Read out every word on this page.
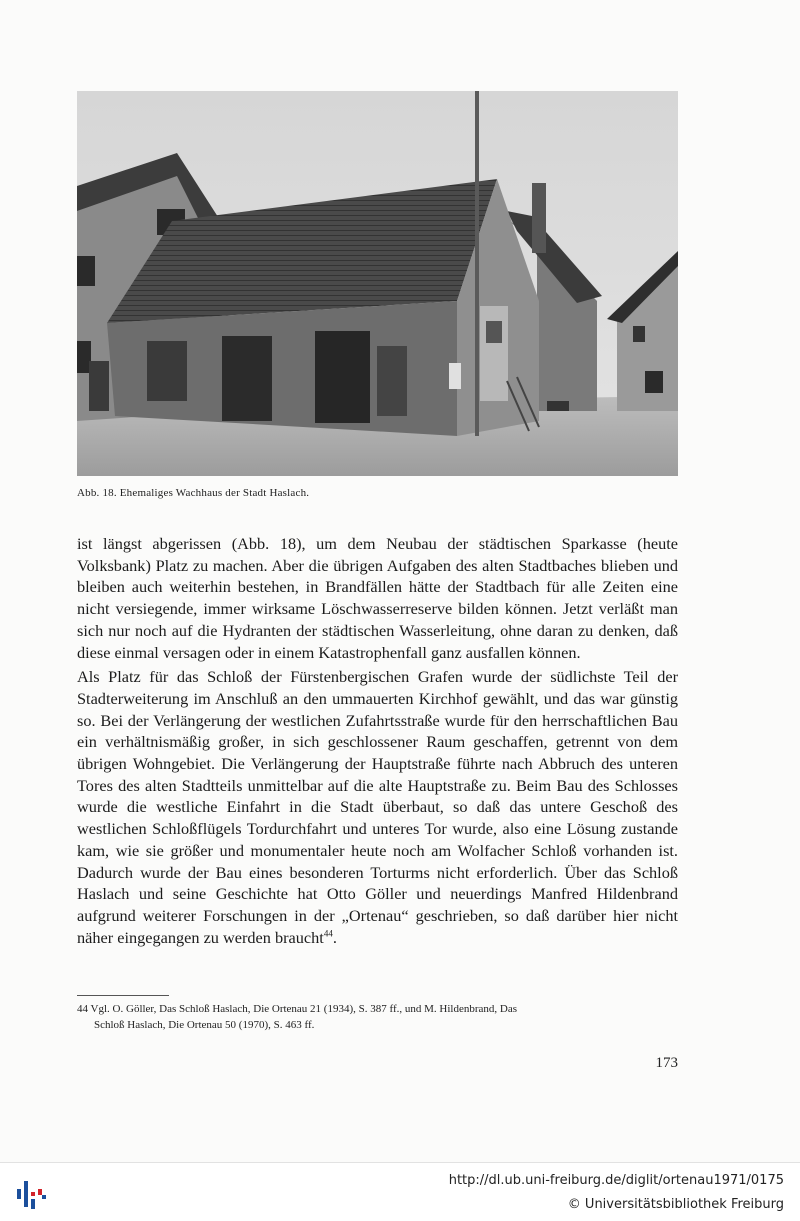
Abb. 18. Ehemaliges Wachhaus der Stadt Haslach.

ist längst abgerissen (Abb. 18), um dem Neubau der städtischen Sparkasse (heute Volksbank) Platz zu machen. Aber die übrigen Aufgaben des alten Stadtbaches blieben und bleiben auch weiterhin bestehen, in Brandfällen hätte der Stadtbach für alle Zeiten eine nicht versiegende, immer wirksame Löschwasserreserve bilden können. Jetzt verläßt man sich nur noch auf die Hydranten der städtischen Wasserleitung, ohne daran zu denken, daß diese einmal versagen oder in einem Katastrophenfall ganz ausfallen können.

Als Platz für das Schloß der Fürstenbergischen Grafen wurde der südlichste Teil der Stadterweiterung im Anschluß an den ummauerten Kirchhof gewählt, und das war günstig so. Bei der Verlängerung der westlichen Zufahrtsstraße wurde für den herrschaftlichen Bau ein verhältnismäßig großer, in sich geschlossener Raum geschaffen, getrennt von dem übrigen Wohngebiet. Die Verlängerung der Hauptstraße führte nach Abbruch des unteren Tores des alten Stadtteils unmittelbar auf die alte Hauptstraße zu. Beim Bau des Schlosses wurde die westliche Einfahrt in die Stadt überbaut, so daß das untere Geschoß des westlichen Schloßflügels Tordurchfahrt und unteres Tor wurde, also eine Lösung zustande kam, wie sie größer und monumentaler heute noch am Wolfacher Schloß vorhanden ist. Dadurch wurde der Bau eines besonderen Torturms nicht erforderlich. Über das Schloß Haslach und seine Geschichte hat Otto Göller und neuerdings Manfred Hildenbrand aufgrund weiterer Forschungen in der „Ortenau“ geschrieben, so daß darüber hier nicht näher eingegangen zu werden braucht$^{44}$.

44 Vgl. O. Göller, Das Schloß Haslach, Die Ortenau 21 (1934), S. 387 ff., und M. Hildenbrand, Das
Schloß Haslach, Die Ortenau 50 (1970), S. 463 ff.
173
http://dl.ub.uni-freiburg.de/diglit/ortenau1971/0175
© Universitätsbibliothek Freiburg
